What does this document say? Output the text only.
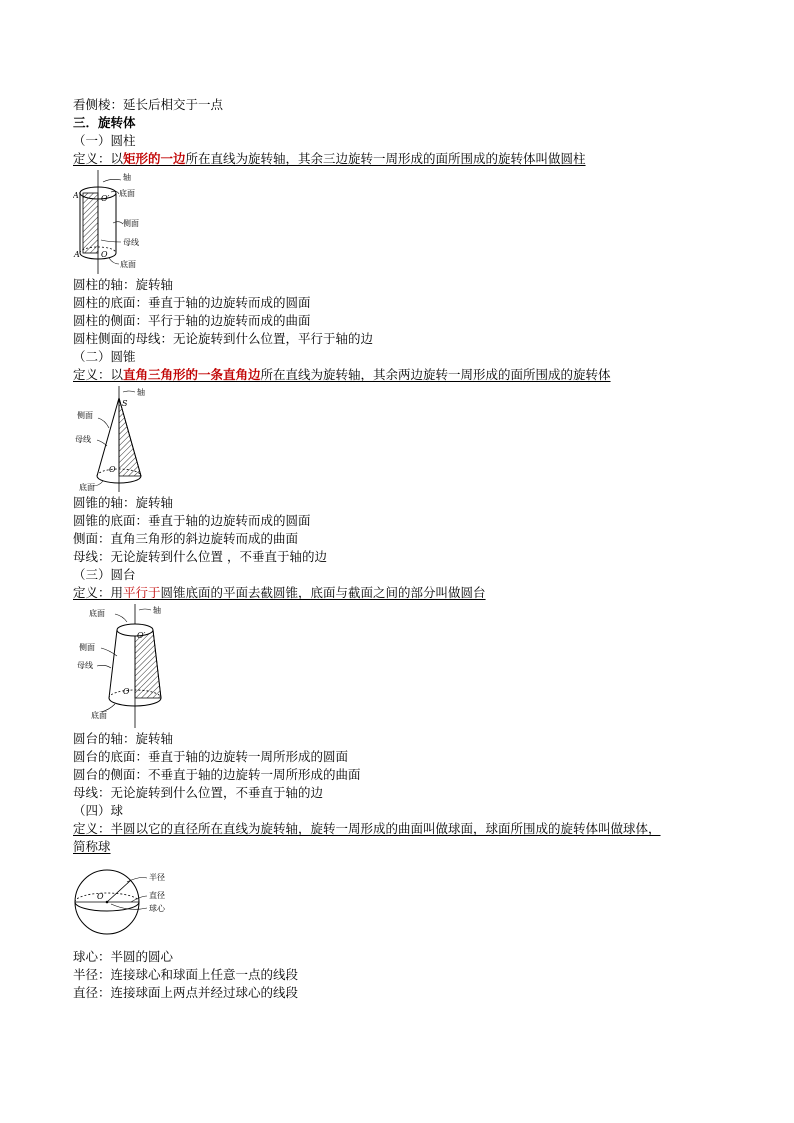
看侧棱：延长后相交于一点
三．旋转体
（一）圆柱
定义：以矩形的一边所在直线为旋转轴，其余三边旋转一周形成的面所围成的旋转体叫做圆柱
轴
底面
侧面
母线
底面
A′	O′
A	O
圆柱的轴：旋转轴
圆柱的底面：垂直于轴的边旋转而成的圆面
圆柱的侧面：平行于轴的边旋转而成的曲面
圆柱侧面的母线：无论旋转到什么位置，平行于轴的边
（二）圆锥
定义：以直角三角形的一条直角边所在直线为旋转轴，其余两边旋转一周形成的面所围成的旋转体
轴
S
侧面
母线
O
底面
圆锥的轴：旋转轴
圆锥的底面：垂直于轴的边旋转而成的圆面
侧面：直角三角形的斜边旋转而成的曲面
母线：无论旋转到什么位置 ，不垂直于轴的边
（三）圆台
定义：用平行于圆锥底面的平面去截圆锥，底面与截面之间的部分叫做圆台
底面	轴
O′
侧面
母线
O
底面
圆台的轴：旋转轴
圆台的底面：垂直于轴的边旋转一周所形成的圆面
圆台的侧面：不垂直于轴的边旋转一周所形成的曲面
母线：无论旋转到什么位置，不垂直于轴的边
（四）球
定义：半圆以它的直径所在直线为旋转轴，旋转一周形成的曲面叫做球面，球面所围成的旋转体叫做球体，
简称球
半径
直径
球心
O
球心：半圆的圆心
半径：连接球心和球面上任意一点的线段
直径：连接球面上两点并经过球心的线段
